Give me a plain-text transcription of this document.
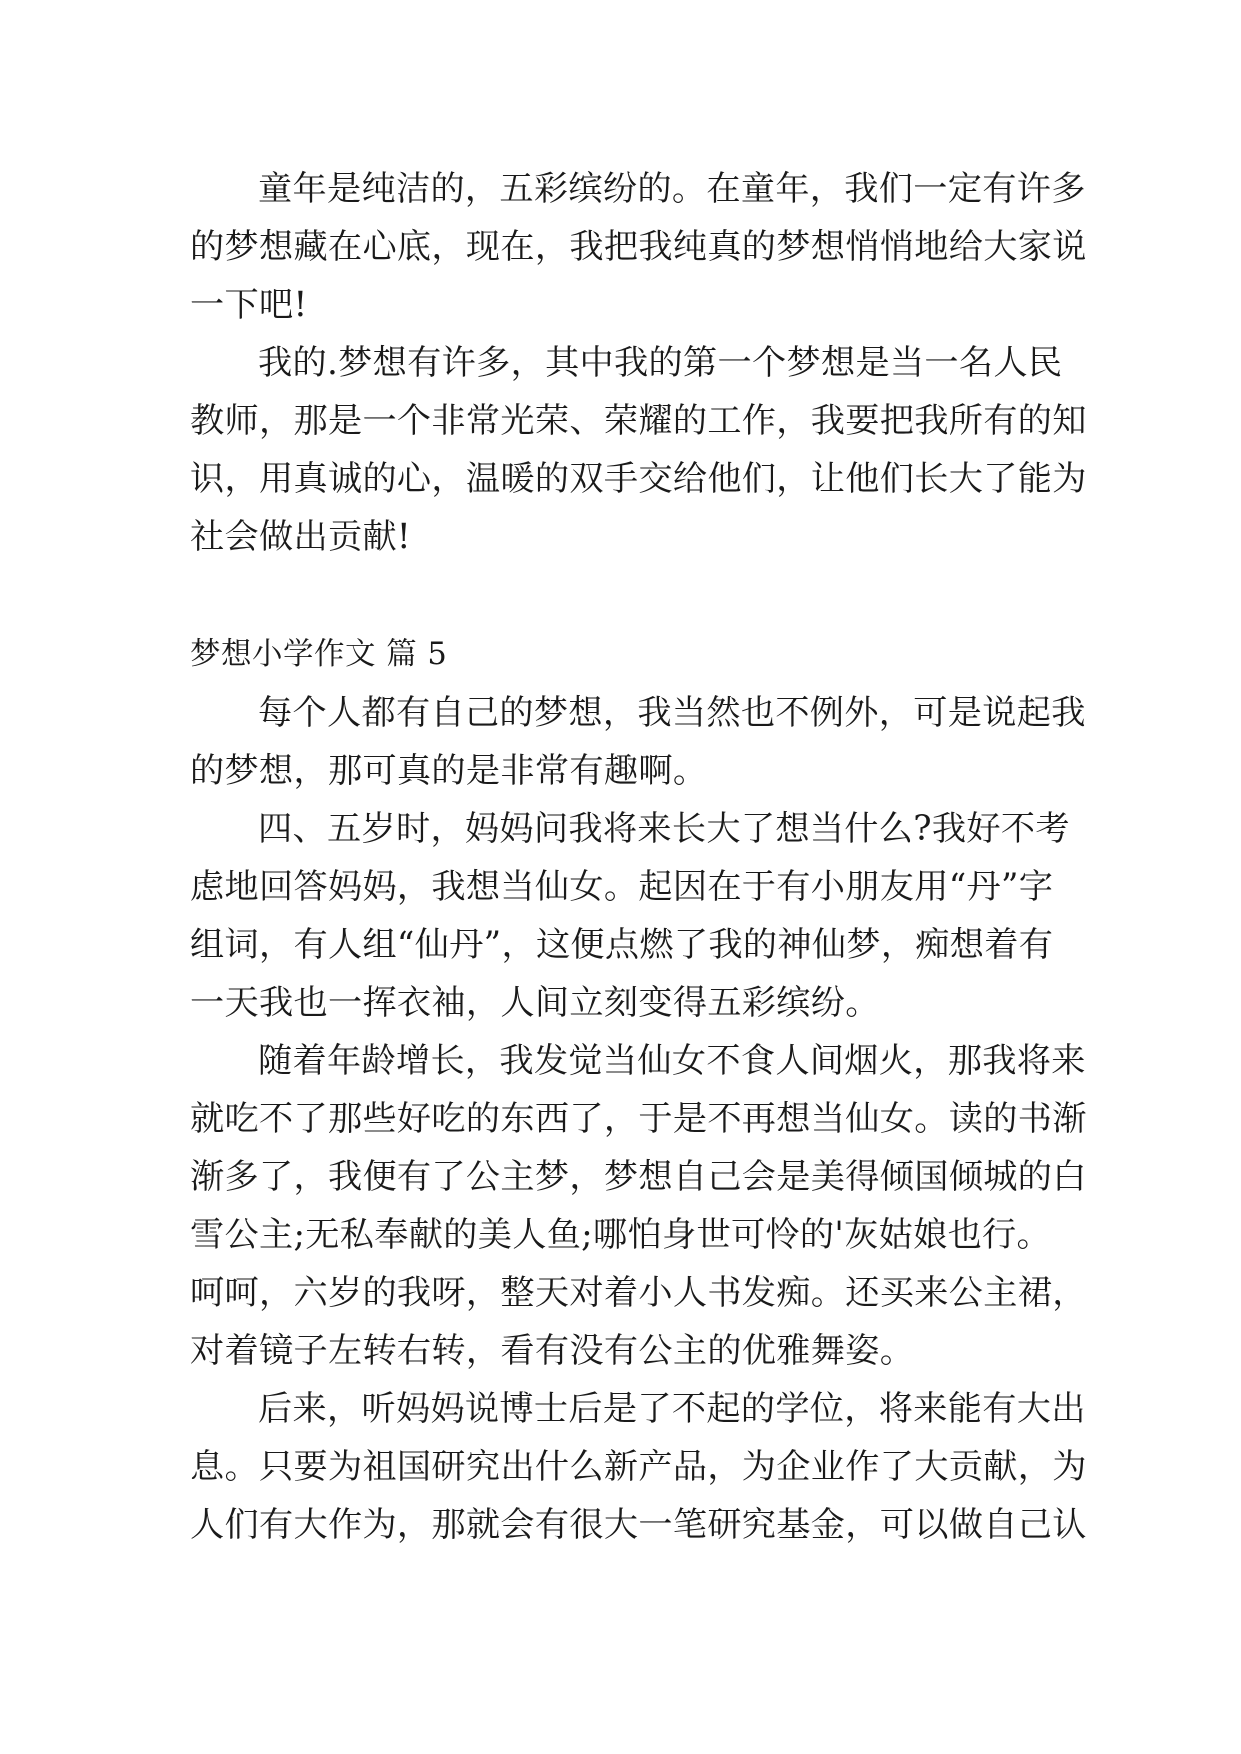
童年是纯洁的，五彩缤纷的。在童年，我们一定有许多
的梦想藏在心底，现在，我把我纯真的梦想悄悄地给大家说
一下吧!
我的.梦想有许多，其中我的第一个梦想是当一名人民
教师，那是一个非常光荣、荣耀的工作，我要把我所有的知
识，用真诚的心，温暖的双手交给他们，让他们长大了能为
社会做出贡献!
梦想小学作文 篇 5
每个人都有自己的梦想，我当然也不例外，可是说起我
的梦想，那可真的是非常有趣啊。
四、五岁时，妈妈问我将来长大了想当什么?我好不考
虑地回答妈妈，我想当仙女。起因在于有小朋友用“丹”字
组词，有人组“仙丹”，这便点燃了我的神仙梦，痴想着有
一天我也一挥衣袖，人间立刻变得五彩缤纷。
随着年龄增长，我发觉当仙女不食人间烟火，那我将来
就吃不了那些好吃的东西了，于是不再想当仙女。读的书渐
渐多了，我便有了公主梦，梦想自己会是美得倾国倾城的白
雪公主;无私奉献的美人鱼;哪怕身世可怜的'灰姑娘也行。
呵呵，六岁的我呀，整天对着小人书发痴。还买来公主裙，
对着镜子左转右转，看有没有公主的优雅舞姿。
后来，听妈妈说博士后是了不起的学位，将来能有大出
息。只要为祖国研究出什么新产品，为企业作了大贡献，为
人们有大作为，那就会有很大一笔研究基金，可以做自己认
